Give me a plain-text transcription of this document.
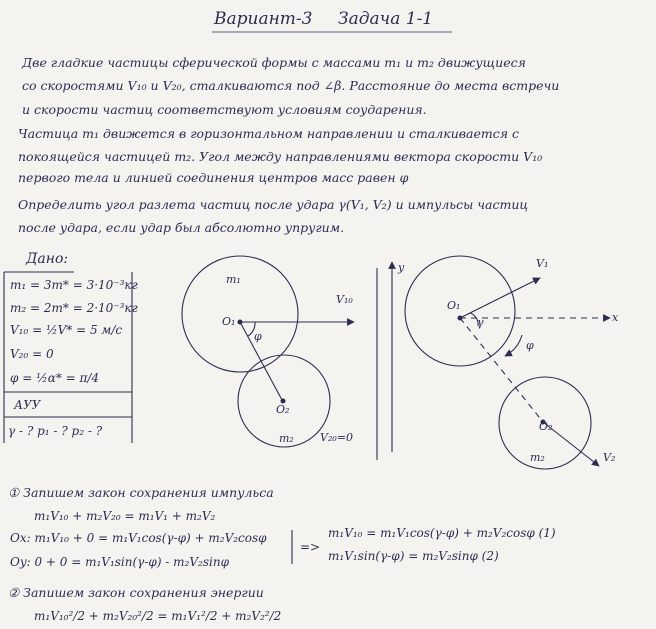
Вариант-3 Задача 1-1
Две гладкие частицы сферической формы с массами m₁ и m₂ движущиеся
со скоростями V₁₀ и V₂₀, сталкиваются под ∠β. Расстояние до места встречи
и скорости частиц соответствуют условиям соударения.
Частица m₁ движется в горизонтальном направлении и сталкивается с
покоящейся частицей m₂. Угол между направлениями вектора скорости V₁₀
первого тела и линией соединения центров масс равен φ
Определить угол разлета частиц после удара γ(V₁, V₂) и импульсы частиц
после удара, если удар был абсолютно упругим.
Дано:
m₁ = 3m* = 3·10⁻³кг
m₂ = 2m* = 2·10⁻³кг
V₁₀ = ½V* = 5 м/с
V₂₀ = 0
φ = ½α* = π/4
АУУ
γ - ? p₁ - ? p₂ - ?
m₁
m₂
O₁
O₂
V₁₀
φ
V₂₀=0
y
x
O₁
O₂
V₁
V₂
γ
φ
m₂
① Запишем закон сохранения импульса
m₁V₁₀ + m₂V₂₀ = m₁V₁ + m₂V₂
Ox: m₁V₁₀ + 0 = m₁V₁cos(γ-φ) + m₂V₂cosφ
Oy: 0 + 0 = m₁V₁sin(γ-φ) - m₂V₂sinφ
=>
m₁V₁₀ = m₁V₁cos(γ-φ) + m₂V₂cosφ (1)
m₁V₁sin(γ-φ) = m₂V₂sinφ (2)
② Запишем закон сохранения энергии
m₁V₁₀²/2 + m₂V₂₀²/2 = m₁V₁²/2 + m₂V₂²/2
